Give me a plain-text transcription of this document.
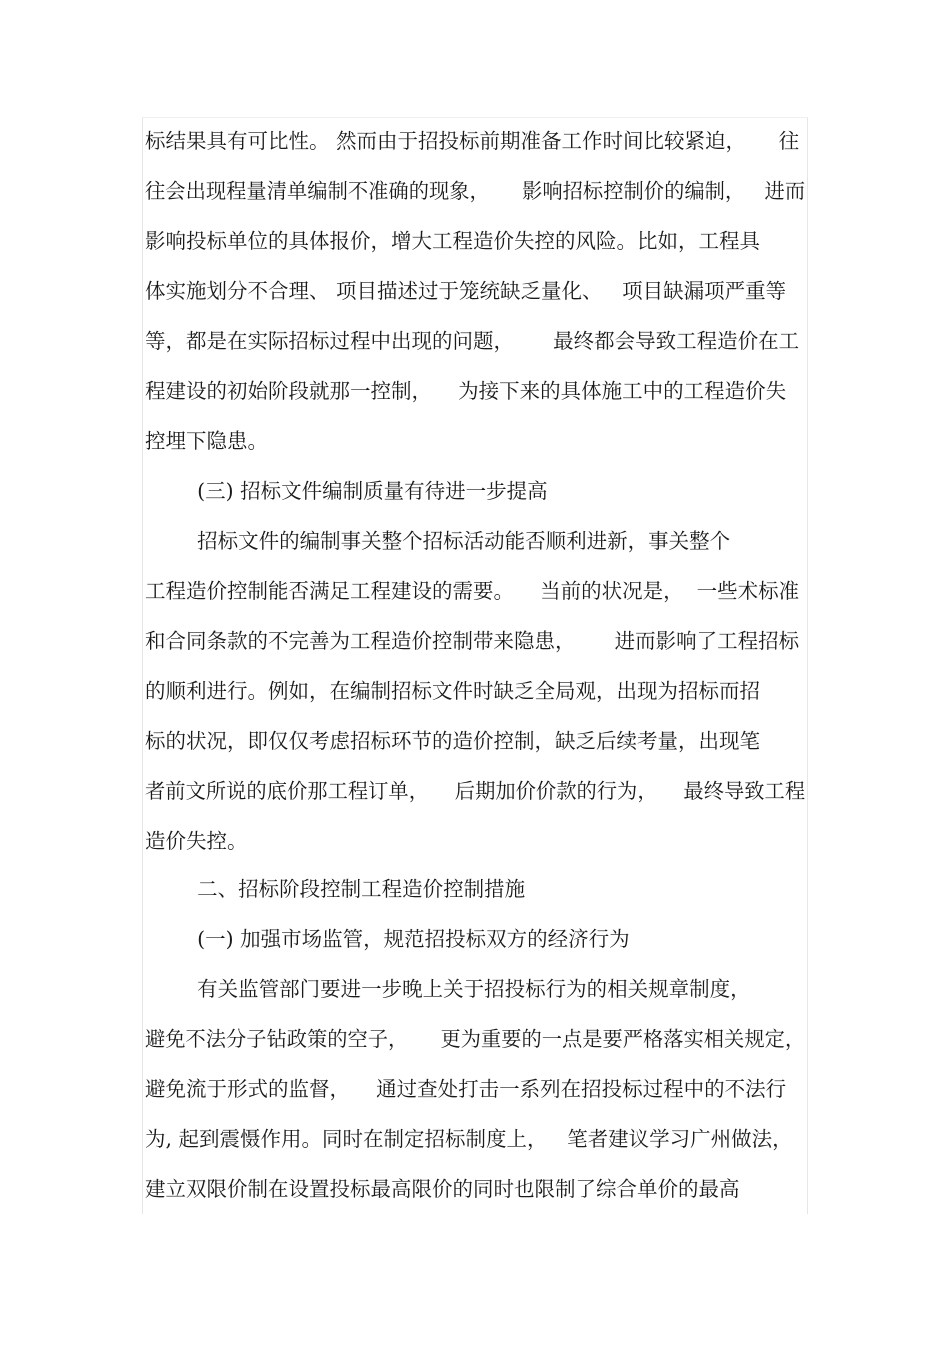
标结果具有可比性。 然而由于招投标前期准备工作时间比较紧迫，     往
往会出现程量清单编制不准确的现象，     影响招标控制价的编制，   进而
影响投标单位的具体报价，增大工程造价失控的风险。比如，工程具
体实施划分不合理、 项目描述过于笼统缺乏量化、   项目缺漏项严重等
等，都是在实际招标过程中出现的问题，      最终都会导致工程造价在工
程建设的初始阶段就那一控制，    为接下来的具体施工中的工程造价失
控埋下隐患。
(三) 招标文件编制质量有待进一步提高
招标文件的编制事关整个招标活动能否顺利进新，事关整个
工程造价控制能否满足工程建设的需要。    当前的状况是，  一些术标准
和合同条款的不完善为工程造价控制带来隐患，      进而影响了工程招标
的顺利进行。例如，在编制招标文件时缺乏全局观，出现为招标而招
标的状况，即仅仅考虑招标环节的造价控制，缺乏后续考量，出现笔
者前文所说的底价那工程订单，    后期加价价款的行为，    最终导致工程
造价失控。
二、招标阶段控制工程造价控制措施
(一) 加强市场监管，规范招投标双方的经济行为
有关监管部门要进一步晚上关于招投标行为的相关规章制度，
避免不法分子钻政策的空子，     更为重要的一点是要严格落实相关规定，
避免流于形式的监督，    通过查处打击一系列在招投标过程中的不法行
为, 起到震慑作用。同时在制定招标制度上，   笔者建议学习广州做法，
建立双限价制在设置投标最高限价的同时也限制了综合单价的最高
